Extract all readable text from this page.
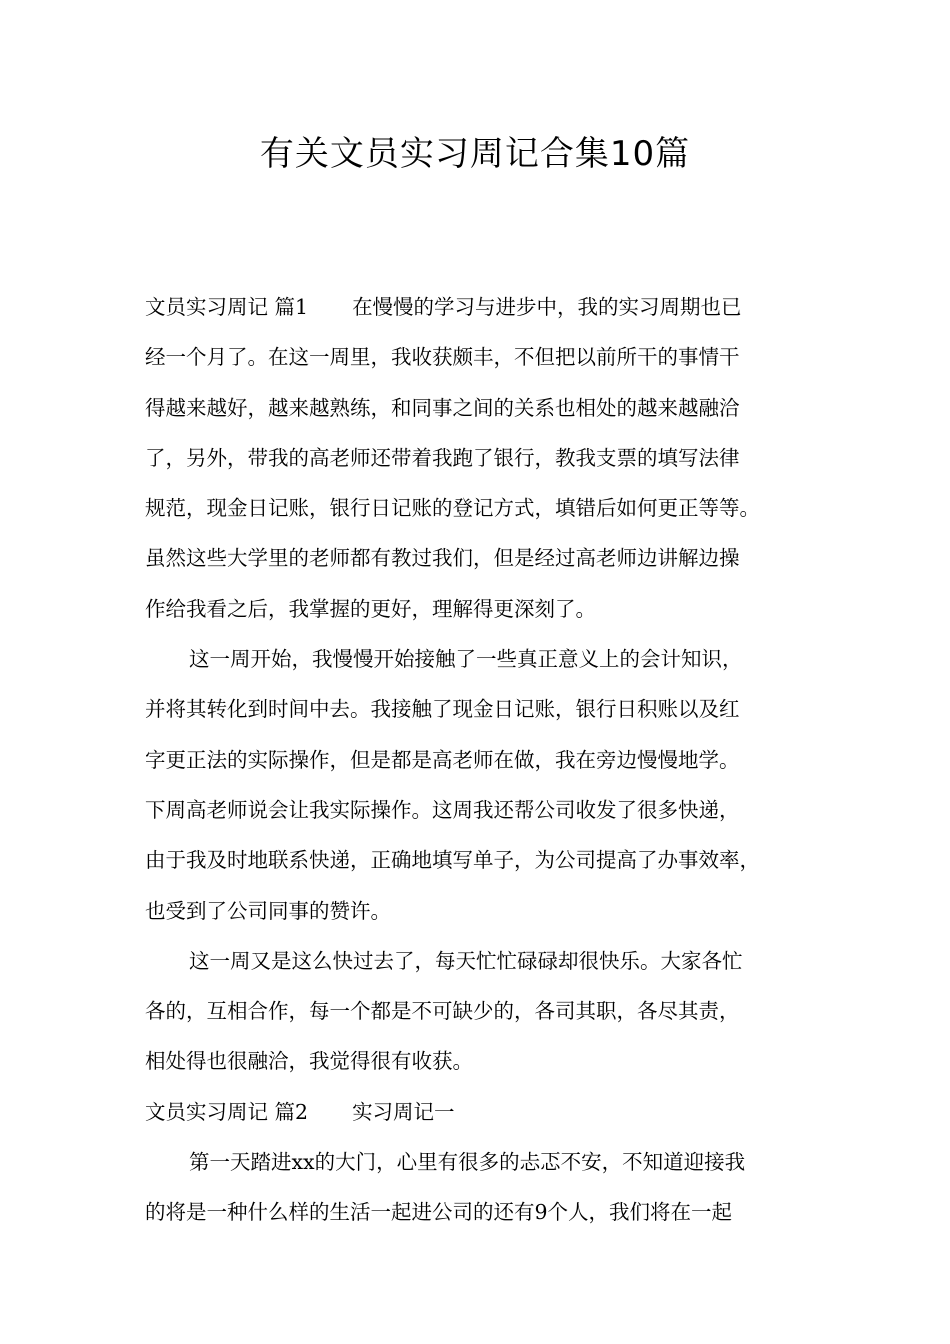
有关文员实习周记合集10篇
文员实习周记 篇1 在慢慢的学习与进步中，我的实习周期也已
经一个月了。在这一周里，我收获颇丰，不但把以前所干的事情干
得越来越好，越来越熟练，和同事之间的关系也相处的越来越融洽
了，另外，带我的高老师还带着我跑了银行，教我支票的填写法律
规范，现金日记账，银行日记账的登记方式，填错后如何更正等等。
虽然这些大学里的老师都有教过我们，但是经过高老师边讲解边操
作给我看之后，我掌握的更好，理解得更深刻了。
这一周开始，我慢慢开始接触了一些真正意义上的会计知识，
并将其转化到时间中去。我接触了现金日记账，银行日积账以及红
字更正法的实际操作，但是都是高老师在做，我在旁边慢慢地学。
下周高老师说会让我实际操作。这周我还帮公司收发了很多快递，
由于我及时地联系快递，正确地填写单子，为公司提高了办事效率，
也受到了公司同事的赞许。
这一周又是这么快过去了，每天忙忙碌碌却很快乐。大家各忙
各的，互相合作，每一个都是不可缺少的，各司其职，各尽其责，
相处得也很融洽，我觉得很有收获。
文员实习周记 篇2 实习周记一
第一天踏进xx的大门，心里有很多的忐忑不安，不知道迎接我
的将是一种什么样的生活一起进公司的还有9个人，我们将在一起
